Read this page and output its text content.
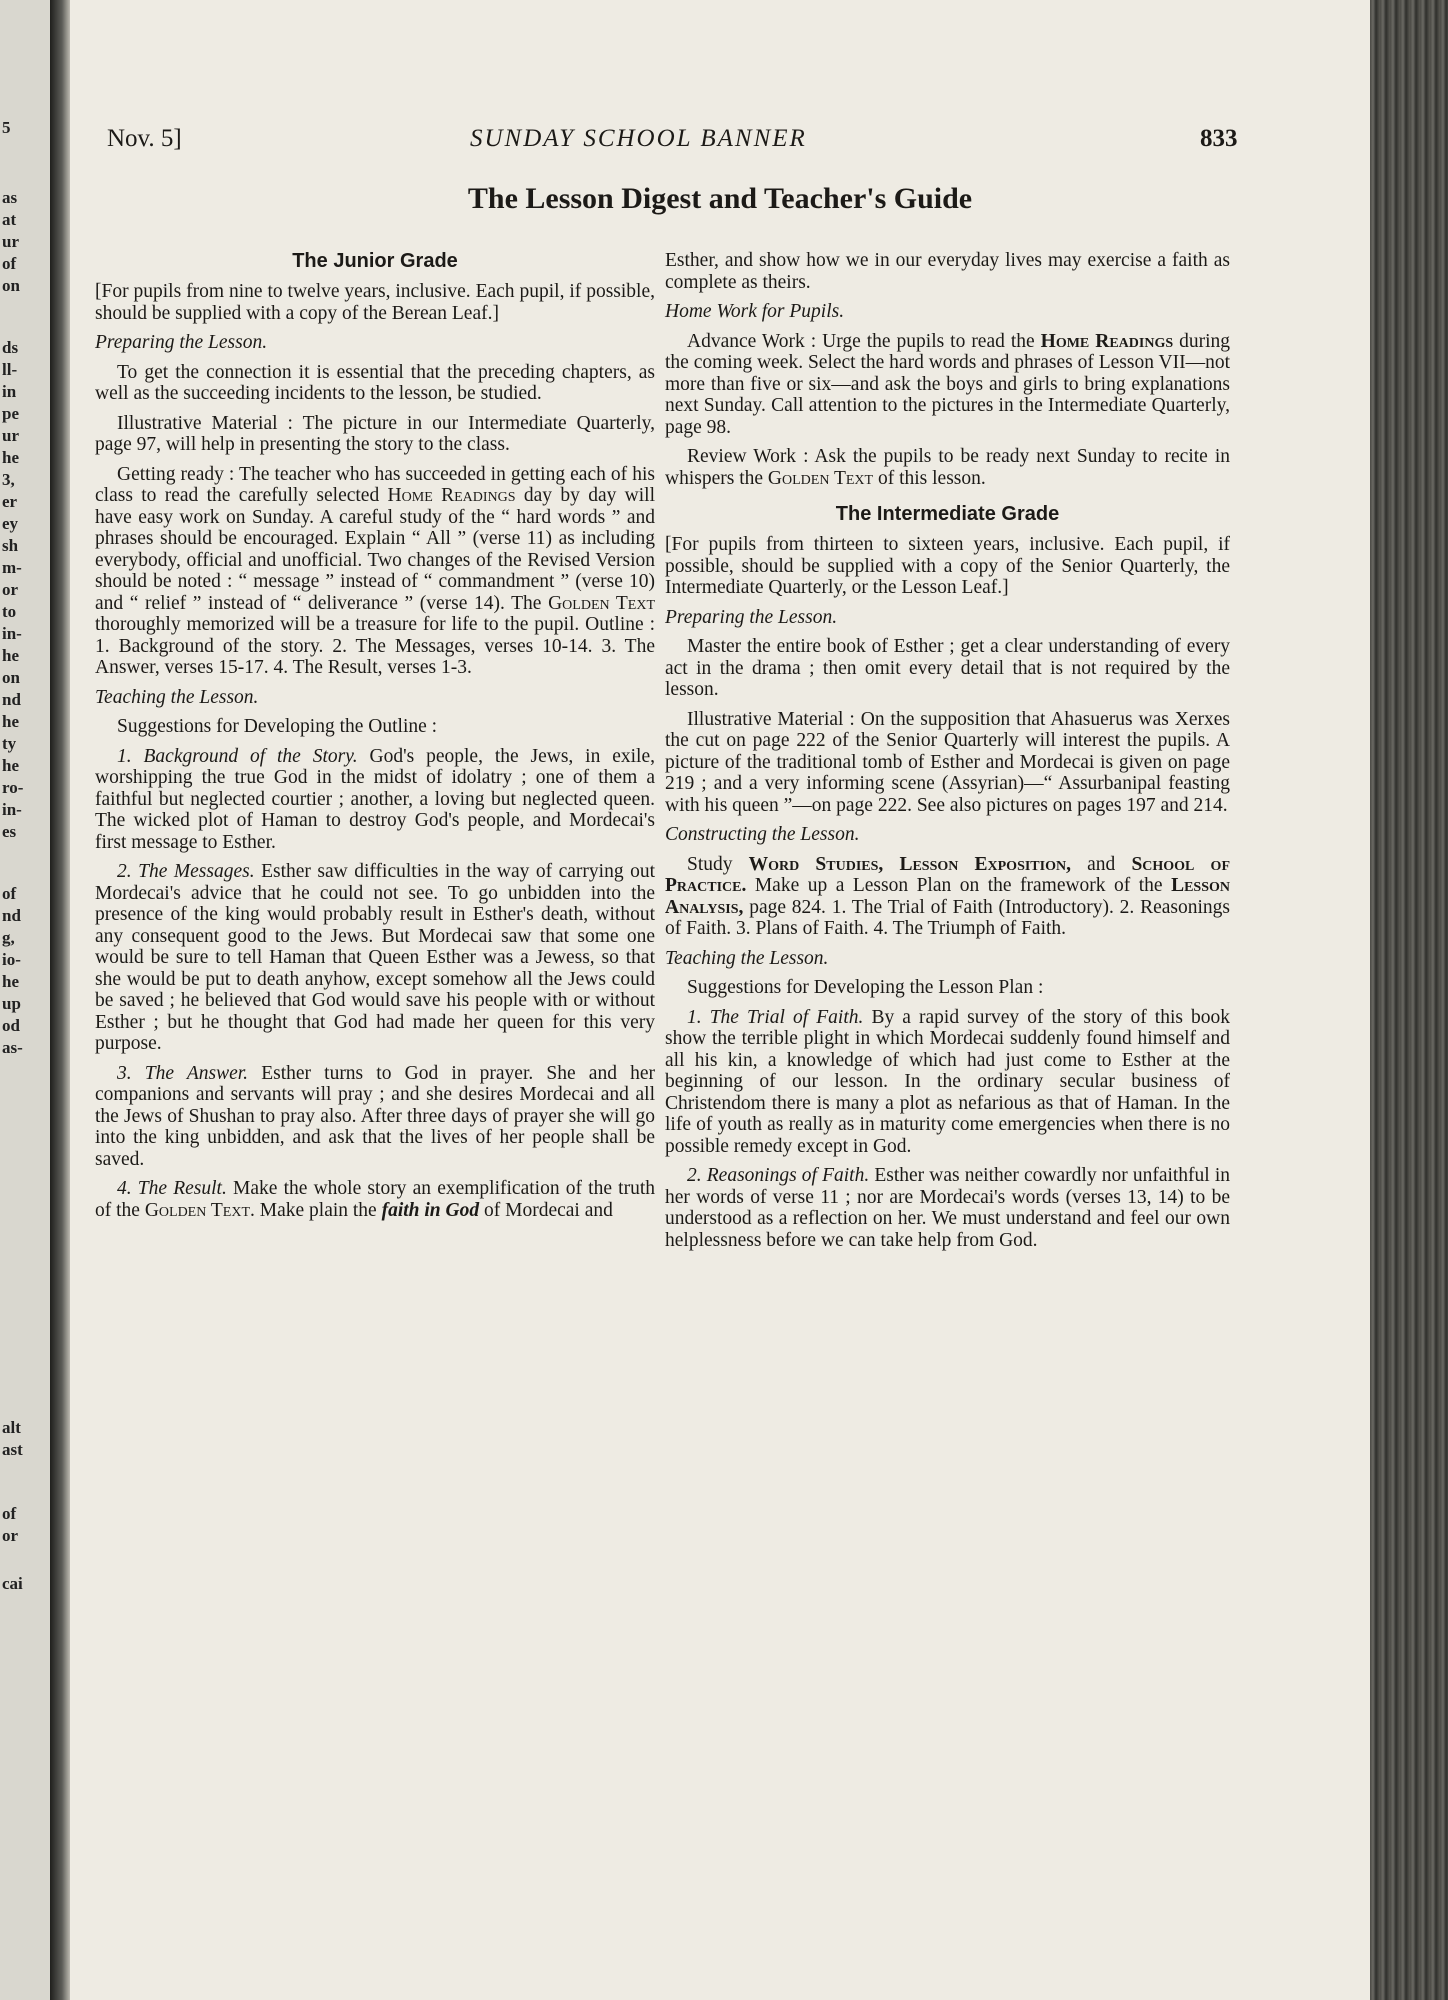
5
as
at
ur
of
on
ds
ll-
in
pe
ur
he
3,
er
ey
sh
m-
or
to
in-
he
on
nd
he
ty
he
ro-
in-
es
of
nd
g,
io-
he
up
od
as-
alt
ast
of
or
cai
Nov. 5]	SUNDAY SCHOOL BANNER	833
The Lesson Digest and Teacher's Guide
The Junior Grade

[For pupils from nine to twelve years, inclusive. Each pupil, if possible, should be supplied with a copy of the Berean Leaf.]

Preparing the Lesson.

To get the connection it is essential that the preceding chapters, as well as the succeeding incidents to the lesson, be studied.

Illustrative Material : The picture in our Intermediate Quarterly, page 97, will help in presenting the story to the class.

Getting ready : The teacher who has succeeded in getting each of his class to read the carefully selected Home Readings day by day will have easy work on Sunday. A careful study of the “ hard words ” and phrases should be encouraged. Explain “ All ” (verse 11) as including everybody, official and unofficial. Two changes of the Revised Version should be noted : “ message ” instead of “ commandment ” (verse 10) and “ relief ” instead of “ deliverance ” (verse 14). The Golden Text thoroughly memorized will be a treasure for life to the pupil. Outline : 1. Background of the story. 2. The Messages, verses 10-14. 3. The Answer, verses 15-17. 4. The Result, verses 1-3.

Teaching the Lesson.

Suggestions for Developing the Outline :

1. Background of the Story. God's people, the Jews, in exile, worshipping the true God in the midst of idolatry ; one of them a faithful but neglected courtier ; another, a loving but neglected queen. The wicked plot of Haman to destroy God's people, and Mordecai's first message to Esther.

2. The Messages. Esther saw difficulties in the way of carrying out Mordecai's advice that he could not see. To go unbidden into the presence of the king would probably result in Esther's death, without any consequent good to the Jews. But Mordecai saw that some one would be sure to tell Haman that Queen Esther was a Jewess, so that she would be put to death anyhow, except somehow all the Jews could be saved ; he believed that God would save his people with or without Esther ; but he thought that God had made her queen for this very purpose.

3. The Answer. Esther turns to God in prayer. She and her companions and servants will pray ; and she desires Mordecai and all the Jews of Shushan to pray also. After three days of prayer she will go into the king unbidden, and ask that the lives of her people shall be saved.

4. The Result. Make the whole story an exemplification of the truth of the Golden Text. Make plain the faith in God of Mordecai and

Esther, and show how we in our everyday lives may exercise a faith as complete as theirs.

Home Work for Pupils.

Advance Work : Urge the pupils to read the Home Readings during the coming week. Select the hard words and phrases of Lesson VII—not more than five or six—and ask the boys and girls to bring explanations next Sunday. Call attention to the pictures in the Intermediate Quarterly, page 98.

Review Work : Ask the pupils to be ready next Sunday to recite in whispers the Golden Text of this lesson.

The Intermediate Grade

[For pupils from thirteen to sixteen years, inclusive. Each pupil, if possible, should be supplied with a copy of the Senior Quarterly, the Intermediate Quarterly, or the Lesson Leaf.]

Preparing the Lesson.

Master the entire book of Esther ; get a clear understanding of every act in the drama ; then omit every detail that is not required by the lesson.

Illustrative Material : On the supposition that Ahasuerus was Xerxes the cut on page 222 of the Senior Quarterly will interest the pupils. A picture of the traditional tomb of Esther and Mordecai is given on page 219 ; and a very informing scene (Assyrian)—“ Assurbanipal feasting with his queen ”—on page 222. See also pictures on pages 197 and 214.

Constructing the Lesson.

Study Word Studies, Lesson Exposition, and School of Practice. Make up a Lesson Plan on the framework of the Lesson Analysis, page 824. 1. The Trial of Faith (Introductory). 2. Reasonings of Faith. 3. Plans of Faith. 4. The Triumph of Faith.

Teaching the Lesson.

Suggestions for Developing the Lesson Plan :

1. The Trial of Faith. By a rapid survey of the story of this book show the terrible plight in which Mordecai suddenly found himself and all his kin, a knowledge of which had just come to Esther at the beginning of our lesson. In the ordinary secular business of Christendom there is many a plot as nefarious as that of Haman. In the life of youth as really as in maturity come emergencies when there is no possible remedy except in God.

2. Reasonings of Faith. Esther was neither cowardly nor unfaithful in her words of verse 11 ; nor are Mordecai's words (verses 13, 14) to be understood as a reflection on her. We must understand and feel our own helplessness before we can take help from God.
